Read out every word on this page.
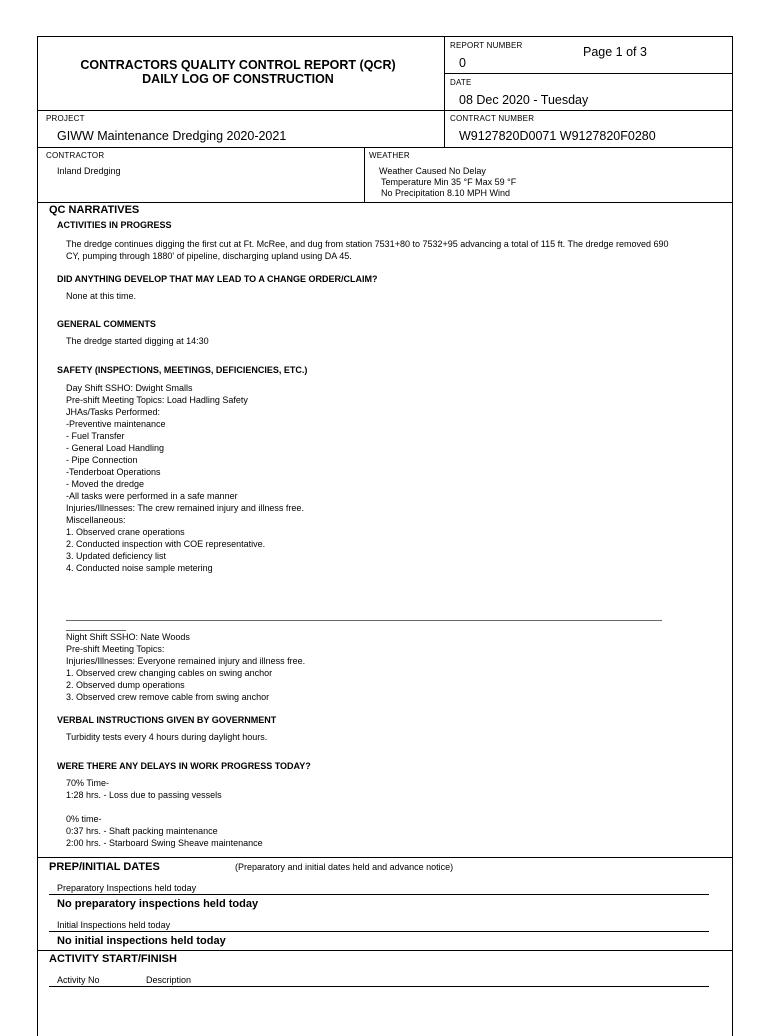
CONTRACTORS QUALITY CONTROL REPORT (QCR)
DAILY LOG OF CONSTRUCTION
REPORT NUMBER
0
Page 1 of 3
DATE
08 Dec 2020 - Tuesday
PROJECT
GIWW Maintenance Dredging 2020-2021
CONTRACT NUMBER
W9127820D0071 W9127820F0280
CONTRACTOR
Inland Dredging
WEATHER
Weather Caused No Delay
Temperature Min 35 °F Max 59 °F
No Precipitation 8.10 MPH Wind
QC NARRATIVES
ACTIVITIES IN PROGRESS
The dredge continues digging the first cut at Ft. McRee, and dug from station 7531+80 to 7532+95 advancing a total of 115 ft. The dredge removed 690 CY, pumping through 1880' of pipeline, discharging upland using DA 45.
DID ANYTHING DEVELOP THAT MAY LEAD TO A CHANGE ORDER/CLAIM?
None at this time.
GENERAL COMMENTS
The dredge started digging at 14:30
SAFETY (INSPECTIONS, MEETINGS, DEFICIENCIES, ETC.)
Day Shift SSHO: Dwight Smalls
Pre-shift Meeting Topics: Load Hadling Safety
JHAs/Tasks Performed:
-Preventive maintenance
- Fuel Transfer
- General Load Handling
- Pipe Connection
-Tenderboat Operations
- Moved the dredge
-All tasks were performed in a safe manner
Injuries/Illnesses: The crew remained injury and illness free.
Miscellaneous:
1. Observed crane operations
2. Conducted inspection with COE representative.
3. Updated deficiency list
4. Conducted noise sample metering
Night Shift SSHO: Nate Woods
Pre-shift Meeting Topics:
Injuries/Illnesses: Everyone remained injury and illness free.
1. Observed crew changing cables on swing anchor
2. Observed dump operations
3. Observed crew remove cable from swing anchor
VERBAL INSTRUCTIONS GIVEN BY GOVERNMENT
Turbidity tests every 4 hours during daylight hours.
WERE THERE ANY DELAYS IN WORK PROGRESS TODAY?
70% Time-
1:28 hrs. - Loss due to passing vessels
0% time-
0:37 hrs. - Shaft packing maintenance
2:00 hrs. - Starboard Swing Sheave maintenance
PREP/INITIAL DATES	(Preparatory and initial dates held and advance notice)
Preparatory Inspections held today
No preparatory inspections held today
Initial Inspections held today
No initial inspections held today
ACTIVITY START/FINISH
Activity No	Description
